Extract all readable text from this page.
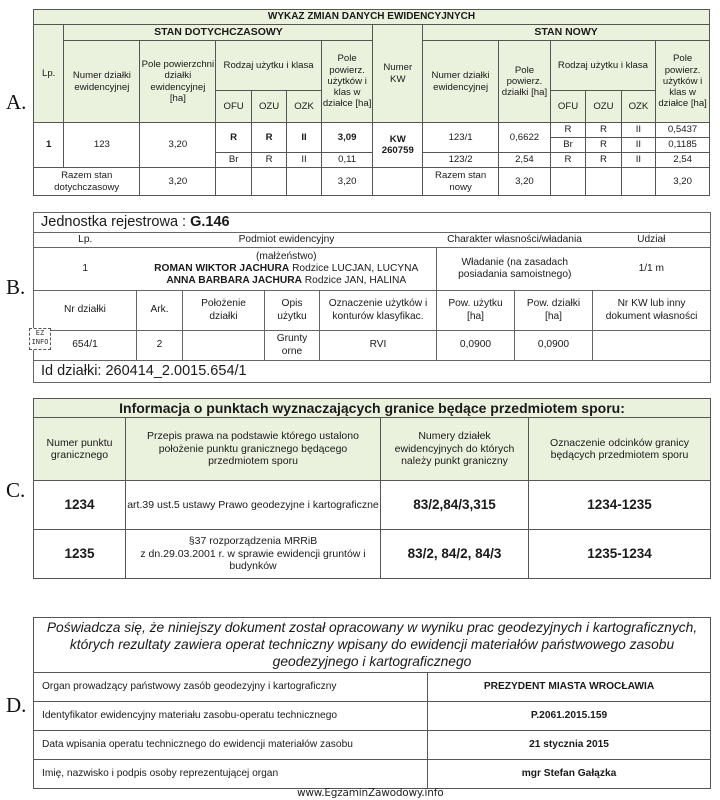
A.
B.
C.
D.
WYKAZ ZMIAN DANYCH EWIDENCYJNYCH													
Lp.	STAN DOTYCHCZASOWY						Numer KW	STAN NOWY					
	Numer działki ewidencyjnej	Pole powierzchni działki ewidencyjnej [ha]	Rodzaj użytku i klasa			Pole powierz. użytków i klas w działce [ha]		Numer działki ewidencyjnej	Pole powierz. działki [ha]	Rodzaj użytku i klasa			Pole powierz. użytków i klas w działce [ha]
			OFU	OZU	OZK					OFU	OZU	OZK	
1	123	3,20	R	R	II	3,09	KW 260759	123/1	0,6622	R	R	II	0,5437
										Br	R	II	0,1185
			Br	R	II	0,11		123/2	2,54	R	R	II	2,54
Razem stan dotychczasowy		3,20				3,20		Razem stan nowy	3,20				3,20
Jednostka rejestrowa : G.146							
Lp.	Podmiot ewidencyjny				Charakter własności/władania		Udział
1	(małżeństwo)
ROMAN WIKTOR JACHURA Rodzice LUCJAN, LUCYNA
ANNA BARBARA JACHURA Rodzice JAN, HALINA				Władanie (na zasadach posiadania samoistnego)		1/1 m
Nr działki	Ark.	Położenie działki	Opis użytku	Oznaczenie użytków i konturów klasyfikac.	Pow. użytku [ha]	Pow. działki [ha]	Nr KW lub inny dokument własności
654/1	2		Grunty orne	RVI	0,0900	0,0900	
Id działki: 260414_2.0015.654/1							
EZ INFO
Informacja o punktach wyznaczających granice będące przedmiotem sporu:			
Numer punktu granicznego	Przepis prawa na podstawie którego ustalono położenie punktu granicznego będącego przedmiotem sporu	Numery działek ewidencyjnych do których należy punkt graniczny	Oznaczenie odcinków granicy będących przedmiotem sporu
1234	art.39 ust.5 ustawy Prawo geodezyjne i kartograficzne	83/2,84/3,315	1234-1235
1235	§37 rozporządzenia MRRiB
z dn.29.03.2001 r. w sprawie ewidencji gruntów i budynków	83/2, 84/2, 84/3	1235-1234
Poświadcza się, że niniejszy dokument został opracowany w wyniku prac geodezyjnych i kartograficznych, których rezultaty zawiera operat techniczny wpisany do ewidencji materiałów państwowego zasobu geodezyjnego i kartograficznego	
Organ prowadzący państwowy zasób geodezyjny i kartograficzny	PREZYDENT MIASTA WROCŁAWIA
Identyfikator ewidencyjny materiału zasobu-operatu technicznego	P.2061.2015.159
Data wpisania operatu technicznego do ewidencji materiałów zasobu	21 stycznia 2015
Imię, nazwisko i podpis osoby reprezentującej organ	mgr Stefan Gałązka
www.EgzaminZawodowy.info
